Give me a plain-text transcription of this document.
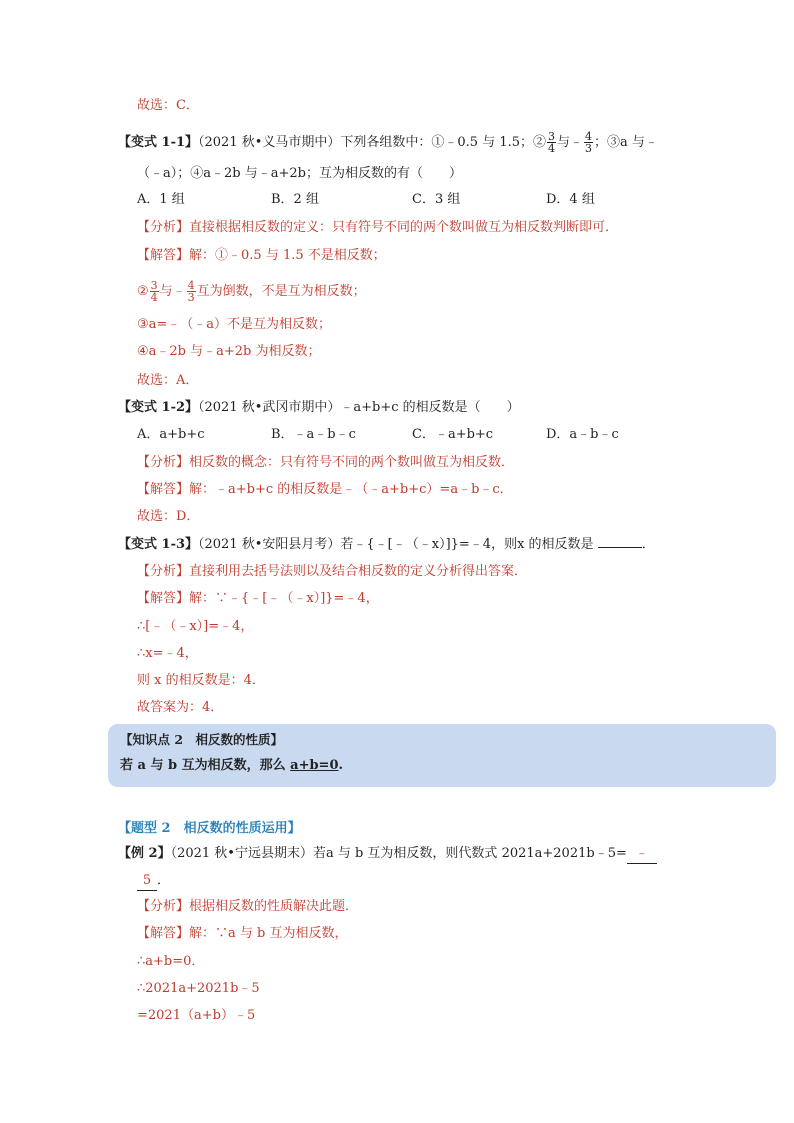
故选：C．
【变式 1-1】（2021 秋•义马市期中）下列各组数中：①﹣0.5 与 1.5；② $\frac{3}{4}$ 与﹣ $\frac{4}{3}$ ；③a 与﹣
（﹣a）；④a﹣2b 与﹣a+2b；互为相反数的有（　　）
A．1 组	B．2 组	C．3 组	D．4 组
【分析】直接根据相反数的定义：只有符号不同的两个数叫做互为相反数判断即可．
【解答】解：①﹣0.5 与 1.5 不是相反数；
② $\frac{3}{4}$ 与﹣ $\frac{4}{3}$ 互为倒数，不是互为相反数；
③a=﹣（﹣a）不是互为相反数；
④a﹣2b 与﹣a+2b 为相反数；
故选：A．
【变式 1-2】（2021 秋•武冈市期中）﹣a+b+c 的相反数是（　　）
A．a+b+c	B．﹣a﹣b﹣c	C．﹣a+b+c	D．a﹣b﹣c
【分析】相反数的概念：只有符号不同的两个数叫做互为相反数．
【解答】解：﹣a+b+c 的相反数是﹣（﹣a+b+c）=a﹣b﹣c．
故选：D．
【变式 1-3】（2021 秋•安阳县月考）若﹣{﹣[﹣（﹣x）]}=﹣4，则x 的相反数是	．
【分析】直接利用去括号法则以及结合相反数的定义分析得出答案．
【解答】解：∵﹣{﹣[﹣（﹣x）]}=﹣4，
∴[﹣（﹣x）]=﹣4，
∴x=﹣4，
则 x 的相反数是：4．
故答案为：4．
【知识点 2　相反数的性质】
若 a 与 b 互为相反数，那么 a+b=0.
【题型 2　相反数的性质运用】
【例 2】（2021 秋•宁远县期末）若a 与 b 互为相反数，则代数式 2021a+2021b﹣5= ﹣
5 ．
【分析】根据相反数的性质解决此题．
【解答】解：∵a 与 b 互为相反数，
∴a+b=0．
∴2021a+2021b﹣5
=2021（a+b）﹣5
